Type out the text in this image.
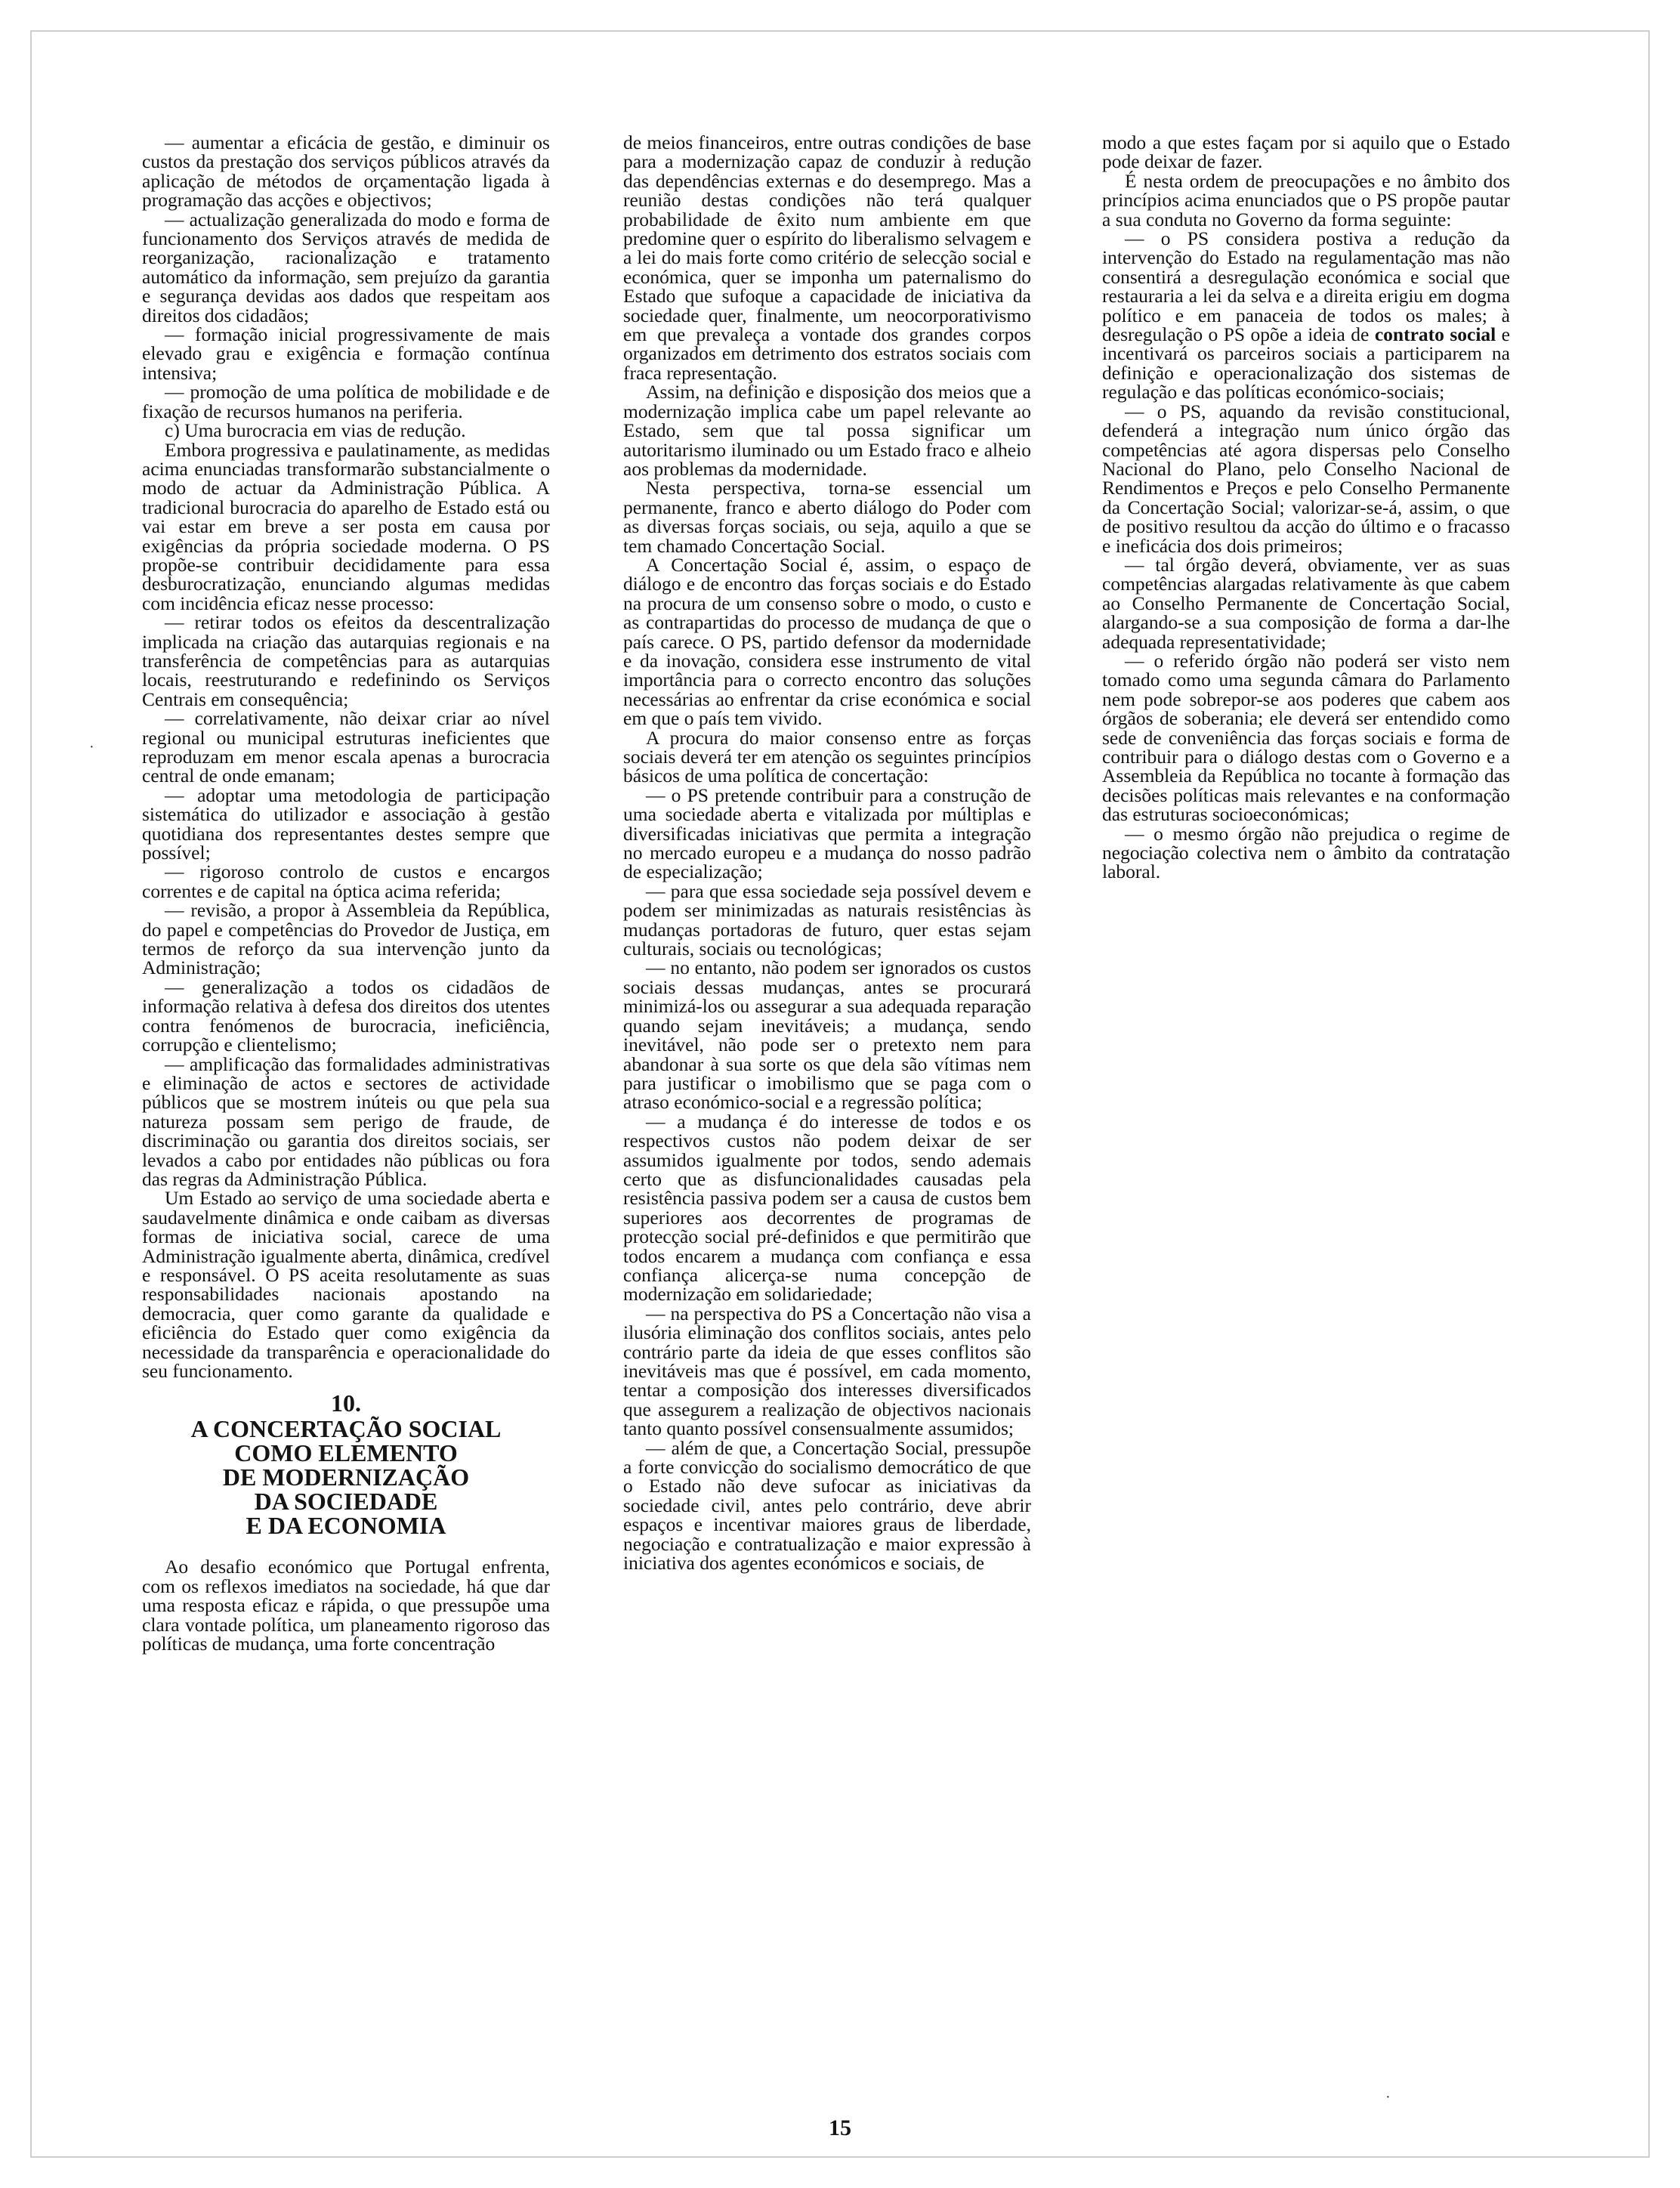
— aumentar a eficácia de gestão, e diminuir os custos da prestação dos serviços públicos através da aplicação de métodos de orçamentação ligada à programação das acções e objectivos;

— actualização generalizada do modo e forma de funcionamento dos Serviços através de medida de reorganização, racionalização e tratamento automático da informação, sem prejuízo da garantia e segurança devidas aos dados que respeitam aos direitos dos cidadãos;

— formação inicial progressivamente de mais elevado grau e exigência e formação contínua intensiva;

— promoção de uma política de mobilidade e de fixação de recursos humanos na periferia.

c) Uma burocracia em vias de redução.

Embora progressiva e paulatinamente, as medidas acima enunciadas transformarão substancialmente o modo de actuar da Administração Pública. A tradicional burocracia do aparelho de Estado está ou vai estar em breve a ser posta em causa por exigências da própria sociedade moderna. O PS propõe-se contribuir decididamente para essa desburocratização, enunciando algumas medidas com incidência eficaz nesse processo:

— retirar todos os efeitos da descentralização implicada na criação das autarquias regionais e na transferência de competências para as autarquias locais, reestruturando e redefinindo os Serviços Centrais em consequência;

— correlativamente, não deixar criar ao nível regional ou municipal estruturas ineficientes que reproduzam em menor escala apenas a burocracia central de onde emanam;

— adoptar uma metodologia de participação sistemática do utilizador e associação à gestão quotidiana dos representantes destes sempre que possível;

— rigoroso controlo de custos e encargos correntes e de capital na óptica acima referida;

— revisão, a propor à Assembleia da República, do papel e competências do Provedor de Justiça, em termos de reforço da sua intervenção junto da Administração;

— generalização a todos os cidadãos de informação relativa à defesa dos direitos dos utentes contra fenómenos de burocracia, ineficiência, corrupção e clientelismo;

— amplificação das formalidades administrativas e eliminação de actos e sectores de actividade públicos que se mostrem inúteis ou que pela sua natureza possam sem perigo de fraude, de discriminação ou garantia dos direitos sociais, ser levados a cabo por entidades não públicas ou fora das regras da Administração Pública.

Um Estado ao serviço de uma sociedade aberta e saudavelmente dinâmica e onde caibam as diversas formas de iniciativa social, carece de uma Administração igualmente aberta, dinâmica, credível e responsável. O PS aceita resolutamente as suas responsabilidades nacionais apostando na democracia, quer como garante da qualidade e eficiência do Estado quer como exigência da necessidade da transparência e operacionalidade do seu funcionamento.

10.
A CONCERTAÇÃO SOCIAL
COMO ELEMENTO
DE MODERNIZAÇÃO
DA SOCIEDADE
E DA ECONOMIA

Ao desafio económico que Portugal enfrenta, com os reflexos imediatos na sociedade, há que dar uma resposta eficaz e rápida, o que pressupõe uma clara vontade política, um planeamento rigoroso das políticas de mudança, uma forte concentração

de meios financeiros, entre outras condições de base para a modernização capaz de conduzir à redução das dependências externas e do desemprego. Mas a reunião destas condições não terá qualquer probabilidade de êxito num ambiente em que predomine quer o espírito do liberalismo selvagem e a lei do mais forte como critério de selecção social e económica, quer se imponha um paternalismo do Estado que sufoque a capacidade de iniciativa da sociedade quer, finalmente, um neocorporativismo em que prevaleça a vontade dos grandes corpos organizados em detrimento dos estratos sociais com fraca representação.

Assim, na definição e disposição dos meios que a modernização implica cabe um papel relevante ao Estado, sem que tal possa significar um autoritarismo iluminado ou um Estado fraco e alheio aos problemas da modernidade.

Nesta perspectiva, torna-se essencial um permanente, franco e aberto diálogo do Poder com as diversas forças sociais, ou seja, aquilo a que se tem chamado Concertação Social.

A Concertação Social é, assim, o espaço de diálogo e de encontro das forças sociais e do Estado na procura de um consenso sobre o modo, o custo e as contrapartidas do processo de mudança de que o país carece. O PS, partido defensor da modernidade e da inovação, considera esse instrumento de vital importância para o correcto encontro das soluções necessárias ao enfrentar da crise económica e social em que o país tem vivido.

A procura do maior consenso entre as forças sociais deverá ter em atenção os seguintes princípios básicos de uma política de concertação:

— o PS pretende contribuir para a construção de uma sociedade aberta e vitalizada por múltiplas e diversificadas iniciativas que permita a integração no mercado europeu e a mudança do nosso padrão de especialização;

— para que essa sociedade seja possível devem e podem ser minimizadas as naturais resistências às mudanças portadoras de futuro, quer estas sejam culturais, sociais ou tecnológicas;

— no entanto, não podem ser ignorados os custos sociais dessas mudanças, antes se procurará minimizá-los ou assegurar a sua adequada reparação quando sejam inevitáveis; a mudança, sendo inevitável, não pode ser o pretexto nem para abandonar à sua sorte os que dela são vítimas nem para justificar o imobilismo que se paga com o atraso económico-social e a regressão política;

— a mudança é do interesse de todos e os respectivos custos não podem deixar de ser assumidos igualmente por todos, sendo ademais certo que as disfuncionalidades causadas pela resistência passiva podem ser a causa de custos bem superiores aos decorrentes de programas de protecção social pré-definidos e que permitirão que todos encarem a mudança com confiança e essa confiança alicerça-se numa concepção de modernização em solidariedade;

— na perspectiva do PS a Concertação não visa a ilusória eliminação dos conflitos sociais, antes pelo contrário parte da ideia de que esses conflitos são inevitáveis mas que é possível, em cada momento, tentar a composição dos interesses diversificados que assegurem a realização de objectivos nacionais tanto quanto possível consensualmente assumidos;

— além de que, a Concertação Social, pressupõe a forte convicção do socialismo democrático de que o Estado não deve sufocar as iniciativas da sociedade civil, antes pelo contrário, deve abrir espaços e incentivar maiores graus de liberdade, negociação e contratualização e maior expressão à iniciativa dos agentes económicos e sociais, de

modo a que estes façam por si aquilo que o Estado pode deixar de fazer.

É nesta ordem de preocupações e no âmbito dos princípios acima enunciados que o PS propõe pautar a sua conduta no Governo da forma seguinte:

— o PS considera postiva a redução da intervenção do Estado na regulamentação mas não consentirá a desregulação económica e social que restauraria a lei da selva e a direita erigiu em dogma político e em panaceia de todos os males; à desregulação o PS opõe a ideia de contrato social e incentivará os parceiros sociais a participarem na definição e operacionalização dos sistemas de regulação e das políticas económico-sociais;

— o PS, aquando da revisão constitucional, defenderá a integração num único órgão das competências até agora dispersas pelo Conselho Nacional do Plano, pelo Conselho Nacional de Rendimentos e Preços e pelo Conselho Permanente da Concertação Social; valorizar-se-á, assim, o que de positivo resultou da acção do último e o fracasso e ineficácia dos dois primeiros;

— tal órgão deverá, obviamente, ver as suas competências alargadas relativamente às que cabem ao Conselho Permanente de Concertação Social, alargando-se a sua composição de forma a dar-lhe adequada representatividade;

— o referido órgão não poderá ser visto nem tomado como uma segunda câmara do Parlamento nem pode sobrepor-se aos poderes que cabem aos órgãos de soberania; ele deverá ser entendido como sede de conveniência das forças sociais e forma de contribuir para o diálogo destas com o Governo e a Assembleia da República no tocante à formação das decisões políticas mais relevantes e na conformação das estruturas socioeconómicas;

— o mesmo órgão não prejudica o regime de negociação colectiva nem o âmbito da contratação laboral.

15
·
·
